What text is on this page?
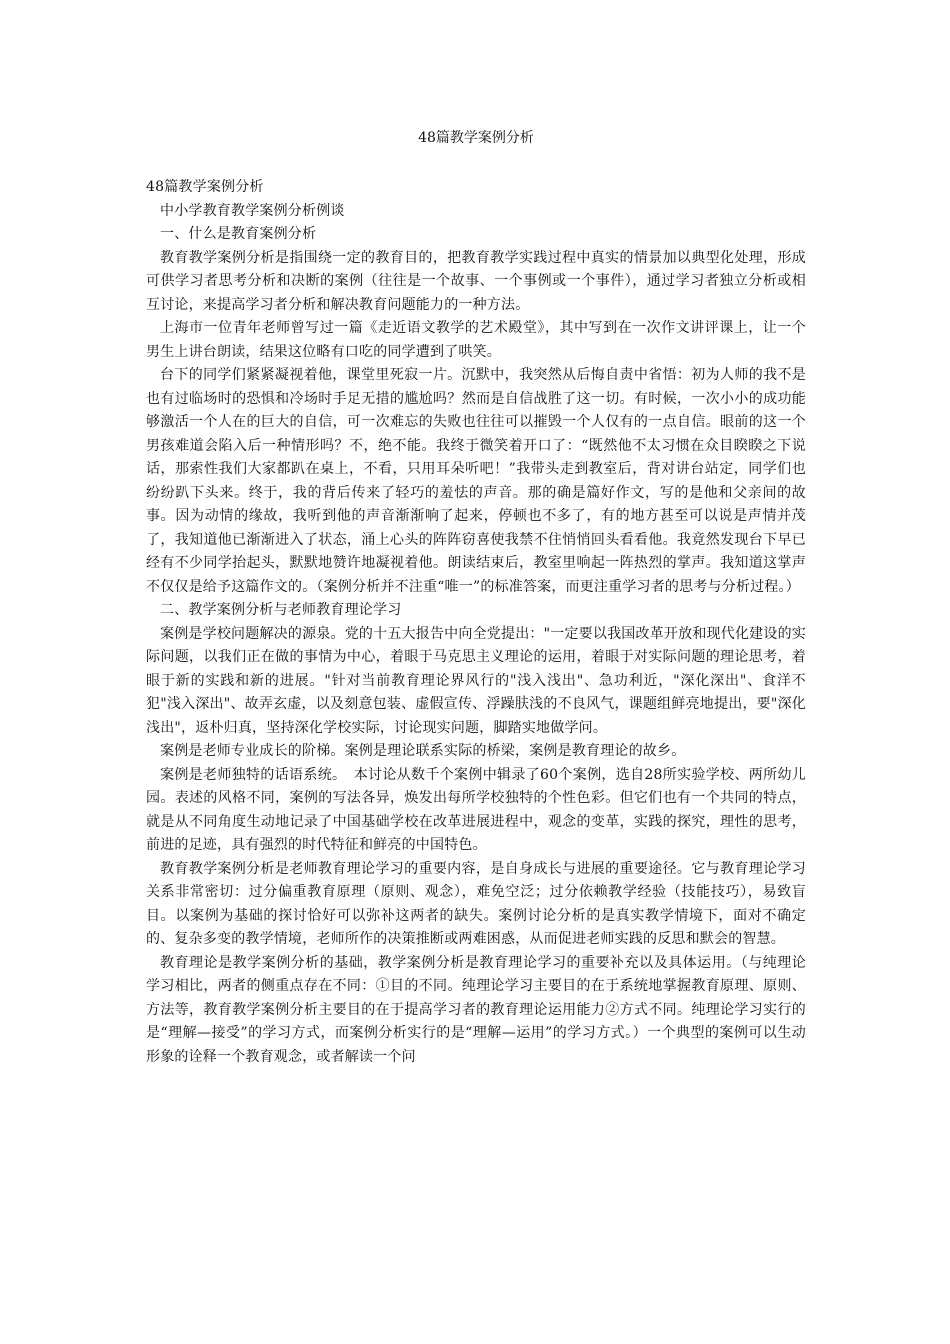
48篇教学案例分析

48篇教学案例分析

中小学教育教学案例分析例谈

一、什么是教育案例分析

教育教学案例分析是指围绕一定的教育目的，把教育教学实践过程中真实的情景加以典型化处理，形成可供学习者思考分析和决断的案例（往往是一个故事、一个事例或一个事件），通过学习者独立分析或相互讨论，来提高学习者分析和解决教育问题能力的一种方法。

上海市一位青年老师曾写过一篇《走近语文教学的艺术殿堂》，其中写到在一次作文讲评课上，让一个男生上讲台朗读，结果这位略有口吃的同学遭到了哄笑。

台下的同学们紧紧凝视着他，课堂里死寂一片。沉默中，我突然从后悔自责中省悟：初为人师的我不是也有过临场时的恐惧和冷场时手足无措的尴尬吗？然而是自信战胜了这一切。有时候，一次小小的成功能够激活一个人在的巨大的自信，可一次难忘的失败也往往可以摧毁一个人仅有的一点自信。眼前的这一个男孩难道会陷入后一种情形吗？不，绝不能。我终于微笑着开口了：“既然他不太习惯在众目睽睽之下说话，那索性我们大家都趴在桌上，不看，只用耳朵听吧！”我带头走到教室后，背对讲台站定，同学们也纷纷趴下头来。终于，我的背后传来了轻巧的羞怯的声音。那的确是篇好作文，写的是他和父亲间的故事。因为动情的缘故，我听到他的声音渐渐响了起来，停顿也不多了，有的地方甚至可以说是声情并茂了，我知道他已渐渐进入了状态，涌上心头的阵阵窃喜使我禁不住悄悄回头看看他。我竟然发现台下早已经有不少同学抬起头，默默地赞许地凝视着他。朗读结束后，教室里响起一阵热烈的掌声。我知道这掌声不仅仅是给予这篇作文的。（案例分析并不注重“唯一”的标准答案，而更注重学习者的思考与分析过程。）

二、教学案例分析与老师教育理论学习

案例是学校问题解决的源泉。党的十五大报告中向全党提出："一定要以我国改革开放和现代化建设的实际问题，以我们正在做的事情为中心，着眼于马克思主义理论的运用，着眼于对实际问题的理论思考，着眼于新的实践和新的进展。"针对当前教育理论界风行的"浅入浅出"、急功利近，"深化深出"、食洋不犯"浅入深出"、故弄玄虚，以及刻意包装、虚假宣传、浮躁肤浅的不良风气，课题组鲜亮地提出，要"深化浅出"，返朴归真，坚持深化学校实际，讨论现实问题，脚踏实地做学问。

案例是老师专业成长的阶梯。案例是理论联系实际的桥梁，案例是教育理论的故乡。

案例是老师独特的话语系统。　本讨论从数千个案例中辑录了60个案例，选自28所实验学校、两所幼儿园。表述的风格不同，案例的写法各异，焕发出每所学校独特的个性色彩。但它们也有一个共同的特点，就是从不同角度生动地记录了中国基础学校在改革进展进程中，观念的变革，实践的探究，理性的思考，前进的足迹，具有强烈的时代特征和鲜亮的中国特色。

教育教学案例分析是老师教育理论学习的重要内容，是自身成长与进展的重要途径。它与教育理论学习关系非常密切：过分偏重教育原理（原则、观念），难免空泛；过分依赖教学经验（技能技巧），易致盲目。以案例为基础的探讨恰好可以弥补这两者的缺失。案例讨论分析的是真实教学情境下，面对不确定的、复杂多变的教学情境，老师所作的决策推断或两难困惑，从而促进老师实践的反思和默会的智慧。

教育理论是教学案例分析的基础，教学案例分析是教育理论学习的重要补充以及具体运用。（与纯理论学习相比，两者的侧重点存在不同：①目的不同。纯理论学习主要目的在于系统地掌握教育原理、原则、方法等，教育教学案例分析主要目的在于提高学习者的教育理论运用能力②方式不同。纯理论学习实行的是“理解—接受”的学习方式，而案例分析实行的是“理解—运用”的学习方式。）一个典型的案例可以生动形象的诠释一个教育观念，或者解读一个问
